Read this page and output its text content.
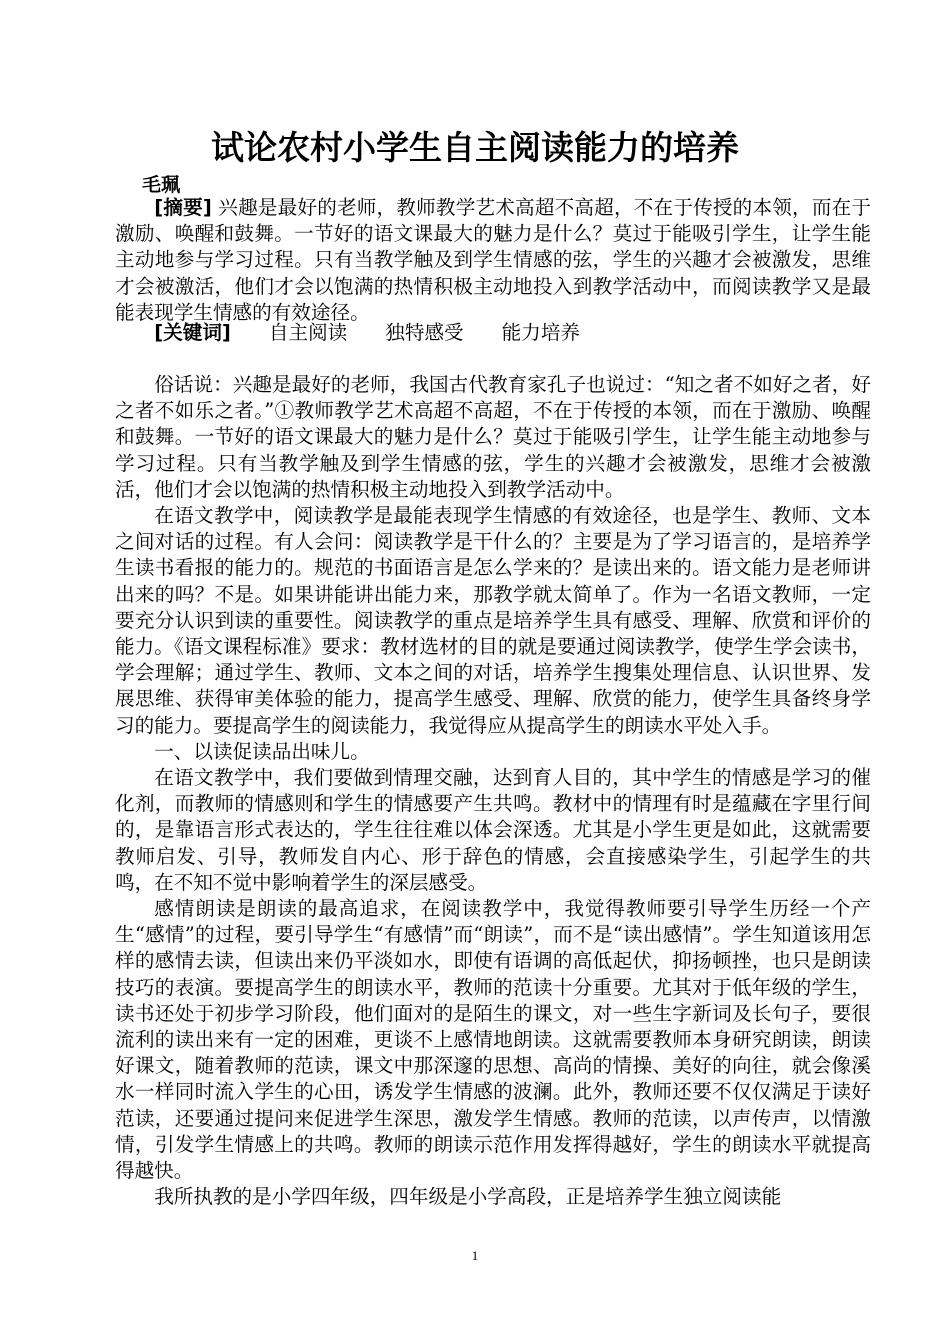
试论农村小学生自主阅读能力的培养
毛珮

[摘要] 兴趣是最好的老师，教师教学艺术高超不高超，不在于传授的本领，而在于激励、唤醒和鼓舞。一节好的语文课最大的魅力是什么？莫过于能吸引学生，让学生能主动地参与学习过程。只有当教学触及到学生情感的弦，学生的兴趣才会被激发，思维才会被激活，他们才会以饱满的热情积极主动地投入到教学活动中，而阅读教学又是最能表现学生情感的有效途径。

[关键词] 自主阅读 独特感受 能力培养

俗话说：兴趣是最好的老师，我国古代教育家孔子也说过：“知之者不如好之者，好之者不如乐之者。”①教师教学艺术高超不高超，不在于传授的本领，而在于激励、唤醒和鼓舞。一节好的语文课最大的魅力是什么？莫过于能吸引学生，让学生能主动地参与学习过程。只有当教学触及到学生情感的弦，学生的兴趣才会被激发，思维才会被激活，他们才会以饱满的热情积极主动地投入到教学活动中。

在语文教学中，阅读教学是最能表现学生情感的有效途径，也是学生、教师、文本之间对话的过程。有人会问：阅读教学是干什么的？主要是为了学习语言的，是培养学生读书看报的能力的。规范的书面语言是怎么学来的？是读出来的。语文能力是老师讲出来的吗？不是。如果讲能讲出能力来，那教学就太简单了。作为一名语文教师，一定要充分认识到读的重要性。阅读教学的重点是培养学生具有感受、理解、欣赏和评价的能力。《语文课程标准》要求：教材选材的目的就是要通过阅读教学，使学生学会读书，学会理解；通过学生、教师、文本之间的对话，培养学生搜集处理信息、认识世界、发展思维、获得审美体验的能力，提高学生感受、理解、欣赏的能力，使学生具备终身学习的能力。要提高学生的阅读能力，我觉得应从提高学生的朗读水平处入手。

一、以读促读品出味儿。

在语文教学中，我们要做到情理交融，达到育人目的，其中学生的情感是学习的催化剂，而教师的情感则和学生的情感要产生共鸣。教材中的情理有时是蕴藏在字里行间的，是靠语言形式表达的，学生往往难以体会深透。尤其是小学生更是如此，这就需要教师启发、引导，教师发自内心、形于辞色的情感，会直接感染学生，引起学生的共鸣，在不知不觉中影响着学生的深层感受。

感情朗读是朗读的最高追求，在阅读教学中，我觉得教师要引导学生历经一个产生“感情”的过程，要引导学生“有感情”而“朗读”，而不是“读出感情”。学生知道该用怎样的感情去读，但读出来仍平淡如水，即使有语调的高低起伏，抑扬顿挫，也只是朗读技巧的表演。要提高学生的朗读水平，教师的范读十分重要。尤其对于低年级的学生，读书还处于初步学习阶段，他们面对的是陌生的课文，对一些生字新词及长句子，要很流利的读出来有一定的困难，更谈不上感情地朗读。这就需要教师本身研究朗读，朗读好课文，随着教师的范读，课文中那深邃的思想、高尚的情操、美好的向往，就会像溪水一样同时流入学生的心田，诱发学生情感的波澜。此外，教师还要不仅仅满足于读好范读，还要通过提问来促进学生深思，激发学生情感。教师的范读，以声传声，以情激情，引发学生情感上的共鸣。教师的朗读示范作用发挥得越好，学生的朗读水平就提高得越快。

我所执教的是小学四年级，四年级是小学高段，正是培养学生独立阅读能

1
